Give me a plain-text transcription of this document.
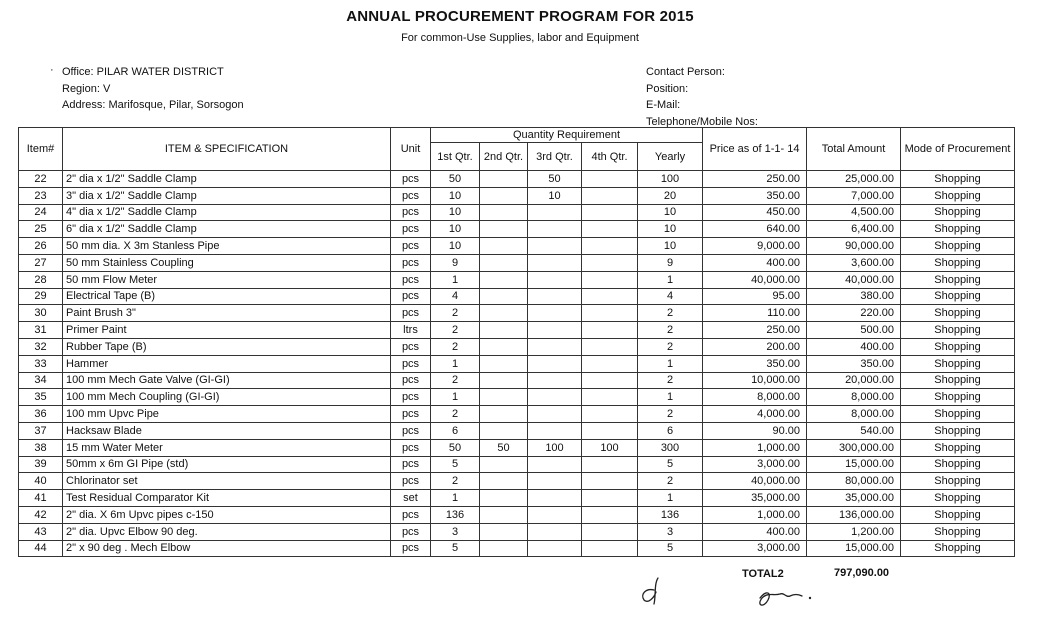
ANNUAL PROCUREMENT PROGRAM FOR 2015
For common-Use Supplies, labor and Equipment
· Office: PILAR WATER DISTRICT
Region: V
Address: Marifosque, Pilar, Sorsogon
Contact Person:
Position:
E-Mail:
Telephone/Mobile Nos:
Item#	ITEM & SPECIFICATION	Unit	Quantity Requirement					Price as of 1-1- 14	Total Amount	Mode of Procurement
			1st Qtr.	2nd Qtr.	3rd Qtr.	4th Qtr.	Yearly			
22	2" dia x 1/2" Saddle Clamp	pcs	50		50		100	250.00	25,000.00	Shopping
23	3" dia x 1/2" Saddle Clamp	pcs	10		10		20	350.00	7,000.00	Shopping
24	4" dia x 1/2" Saddle Clamp	pcs	10				10	450.00	4,500.00	Shopping
25	6" dia x 1/2" Saddle Clamp	pcs	10				10	640.00	6,400.00	Shopping
26	50 mm dia. X 3m Stanless Pipe	pcs	10				10	9,000.00	90,000.00	Shopping
27	50 mm Stainless Coupling	pcs	9				9	400.00	3,600.00	Shopping
28	50 mm Flow Meter	pcs	1				1	40,000.00	40,000.00	Shopping
29	Electrical Tape (B)	pcs	4				4	95.00	380.00	Shopping
30	Paint Brush 3"	pcs	2				2	110.00	220.00	Shopping
31	Primer Paint	ltrs	2				2	250.00	500.00	Shopping
32	Rubber Tape (B)	pcs	2				2	200.00	400.00	Shopping
33	Hammer	pcs	1				1	350.00	350.00	Shopping
34	100 mm Mech Gate Valve (GI-GI)	pcs	2				2	10,000.00	20,000.00	Shopping
35	100 mm Mech Coupling (GI-GI)	pcs	1				1	8,000.00	8,000.00	Shopping
36	100 mm Upvc Pipe	pcs	2				2	4,000.00	8,000.00	Shopping
37	Hacksaw Blade	pcs	6				6	90.00	540.00	Shopping
38	15 mm Water Meter	pcs	50	50	100	100	300	1,000.00	300,000.00	Shopping
39	50mm x 6m GI Pipe (std)	pcs	5				5	3,000.00	15,000.00	Shopping
40	Chlorinator set	pcs	2				2	40,000.00	80,000.00	Shopping
41	Test Residual Comparator Kit	set	1				1	35,000.00	35,000.00	Shopping
42	2" dia. X 6m Upvc pipes c-150	pcs	136				136	1,000.00	136,000.00	Shopping
43	2" dia. Upvc Elbow 90 deg.	pcs	3				3	400.00	1,200.00	Shopping
44	2" x 90 deg . Mech Elbow	pcs	5				5	3,000.00	15,000.00	Shopping
TOTAL2	797,090.00
